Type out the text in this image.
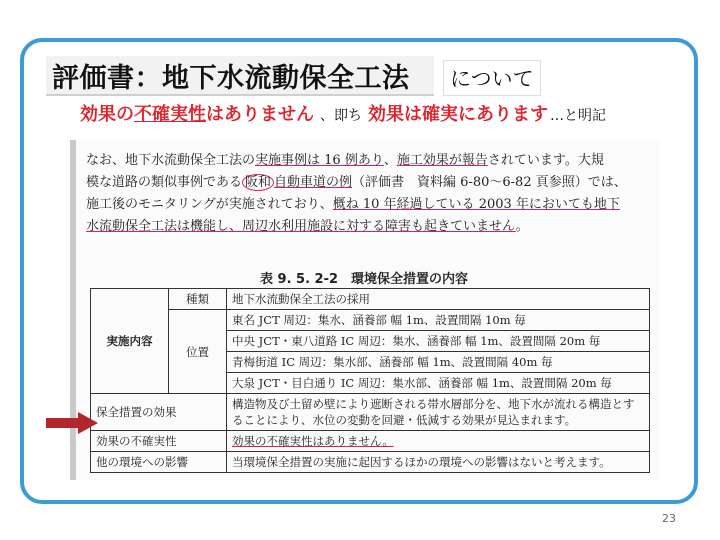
評価書：地下水流動保全工法	について
効果の不確実性はありません 、即ち 効果は確実にあります …と明記

なお、地下水流動保全工法の実施事例は 16 例あり、施工効果が報告されています。大規

模な道路の類似事例である 阪和 自動車道の例（評価書　資料編 6-80～6-82 頁参照）では、

施工後のモニタリングが実施されており、概ね 10 年経過している 2003 年においても地下

水流動保全工法は機能し、周辺水利用施設に対する障害も起きていません。

表 9. 5. 2-2　環境保全措置の内容
実施内容	種類	地下水流動保全工法の採用
	位置	東名 JCT 周辺：集水、涵養部 幅 1m、設置間隔 10m 毎
		中央 JCT・東八道路 IC 周辺：集水、涵養部 幅 1m、設置間隔 20m 毎
		青梅街道 IC 周辺：集水部、涵養部 幅 1m、設置間隔 40m 毎
		大泉 JCT・目白通り IC 周辺：集水部、涵養部 幅 1m、設置間隔 20m 毎
保全措置の効果		構造物及び土留め壁により遮断される帯水層部分を、地下水が流れる構造とすることにより、水位の変動を回避・低減する効果が見込まれます。
効果の不確実性		効果の不確実性はありません。
他の環境への影響		当環境保全措置の実施に起因するほかの環境への影響はないと考えます。
23
